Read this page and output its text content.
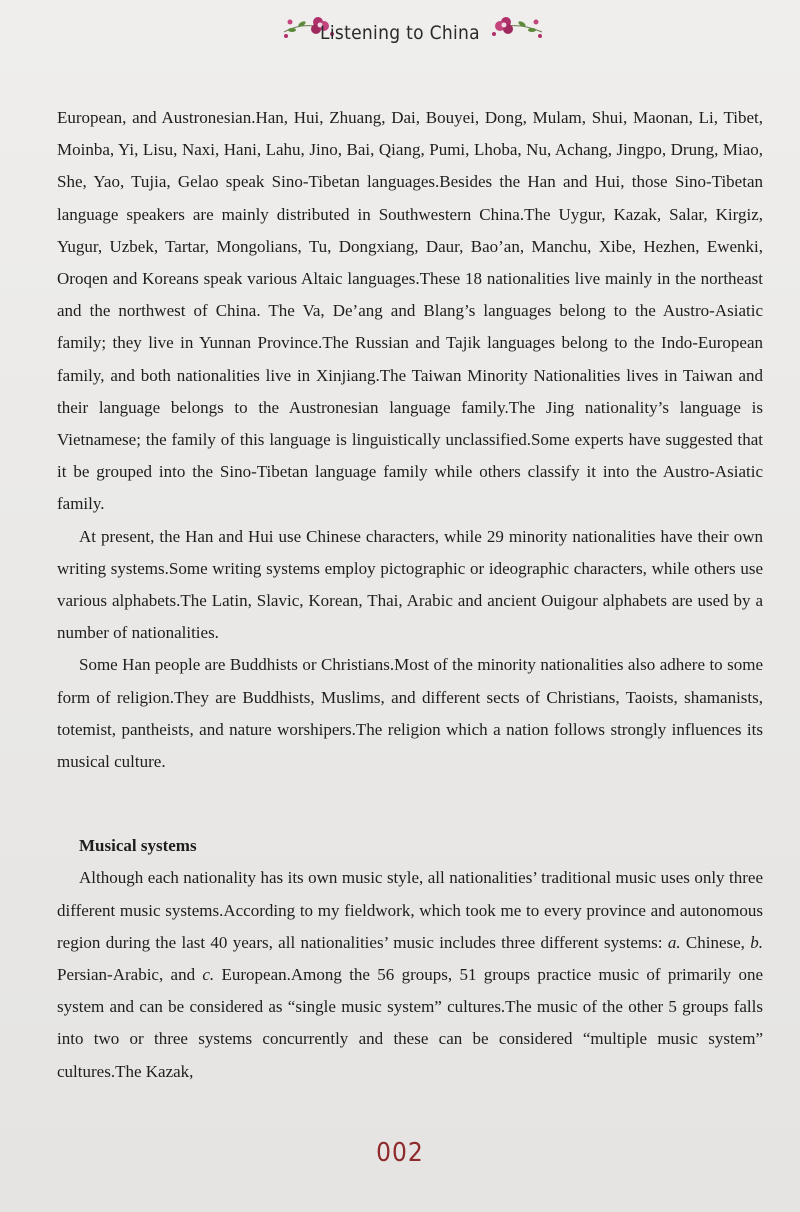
Listening to China

European, and Austronesian.Han, Hui, Zhuang, Dai, Bouyei, Dong, Mulam, Shui, Maonan, Li, Tibet, Moinba, Yi, Lisu, Naxi, Hani, Lahu, Jino, Bai, Qiang, Pumi, Lhoba, Nu, Achang, Jingpo, Drung, Miao, She, Yao, Tujia, Gelao speak Sino-Tibetan languages.Besides the Han and Hui, those Sino-Tibetan language speakers are mainly distributed in Southwestern China.The Uygur, Kazak, Salar, Kirgiz, Yugur, Uzbek, Tartar, Mongolians, Tu, Dongxiang, Daur, Bao’an, Manchu, Xibe, Hezhen, Ewenki, Oroqen and Koreans speak various Altaic languages.These 18 nationalities live mainly in the northeast and the northwest of China. The Va, De’ang and Blang’s languages belong to the Austro-Asiatic family; they live in Yunnan Province.The Russian and Tajik languages belong to the Indo-European family, and both nationalities live in Xinjiang.The Taiwan Minority Nationalities lives in Taiwan and their language belongs to the Austronesian language family.The Jing nationality’s language is Vietnamese; the family of this language is linguistically unclassified.Some experts have suggested that it be grouped into the Sino-Tibetan language family while others classify it into the Austro-Asiatic family.

At present, the Han and Hui use Chinese characters, while 29 minority nationalities have their own writing systems.Some writing systems employ pictographic or ideographic characters, while others use various alphabets.The Latin, Slavic, Korean, Thai, Arabic and ancient Ouigour alphabets are used by a number of nationalities.

Some Han people are Buddhists or Christians.Most of the minority nationalities also adhere to some form of religion.They are Buddhists, Muslims, and different sects of Christians, Taoists, shamanists, totemist, pantheists, and nature worshipers.The religion which a nation follows strongly influences its musical culture.

Musical systems

Although each nationality has its own music style, all nationalities’ traditional music uses only three different music systems.According to my fieldwork, which took me to every province and autonomous region during the last 40 years, all nationalities’ music includes three different systems: a. Chinese, b. Persian-Arabic, and c. European.Among the 56 groups, 51 groups practice music of primarily one system and can be considered as “single music system” cultures.The music of the other 5 groups falls into two or three systems concurrently and these can be considered “multiple music system” cultures.The Kazak,

002
